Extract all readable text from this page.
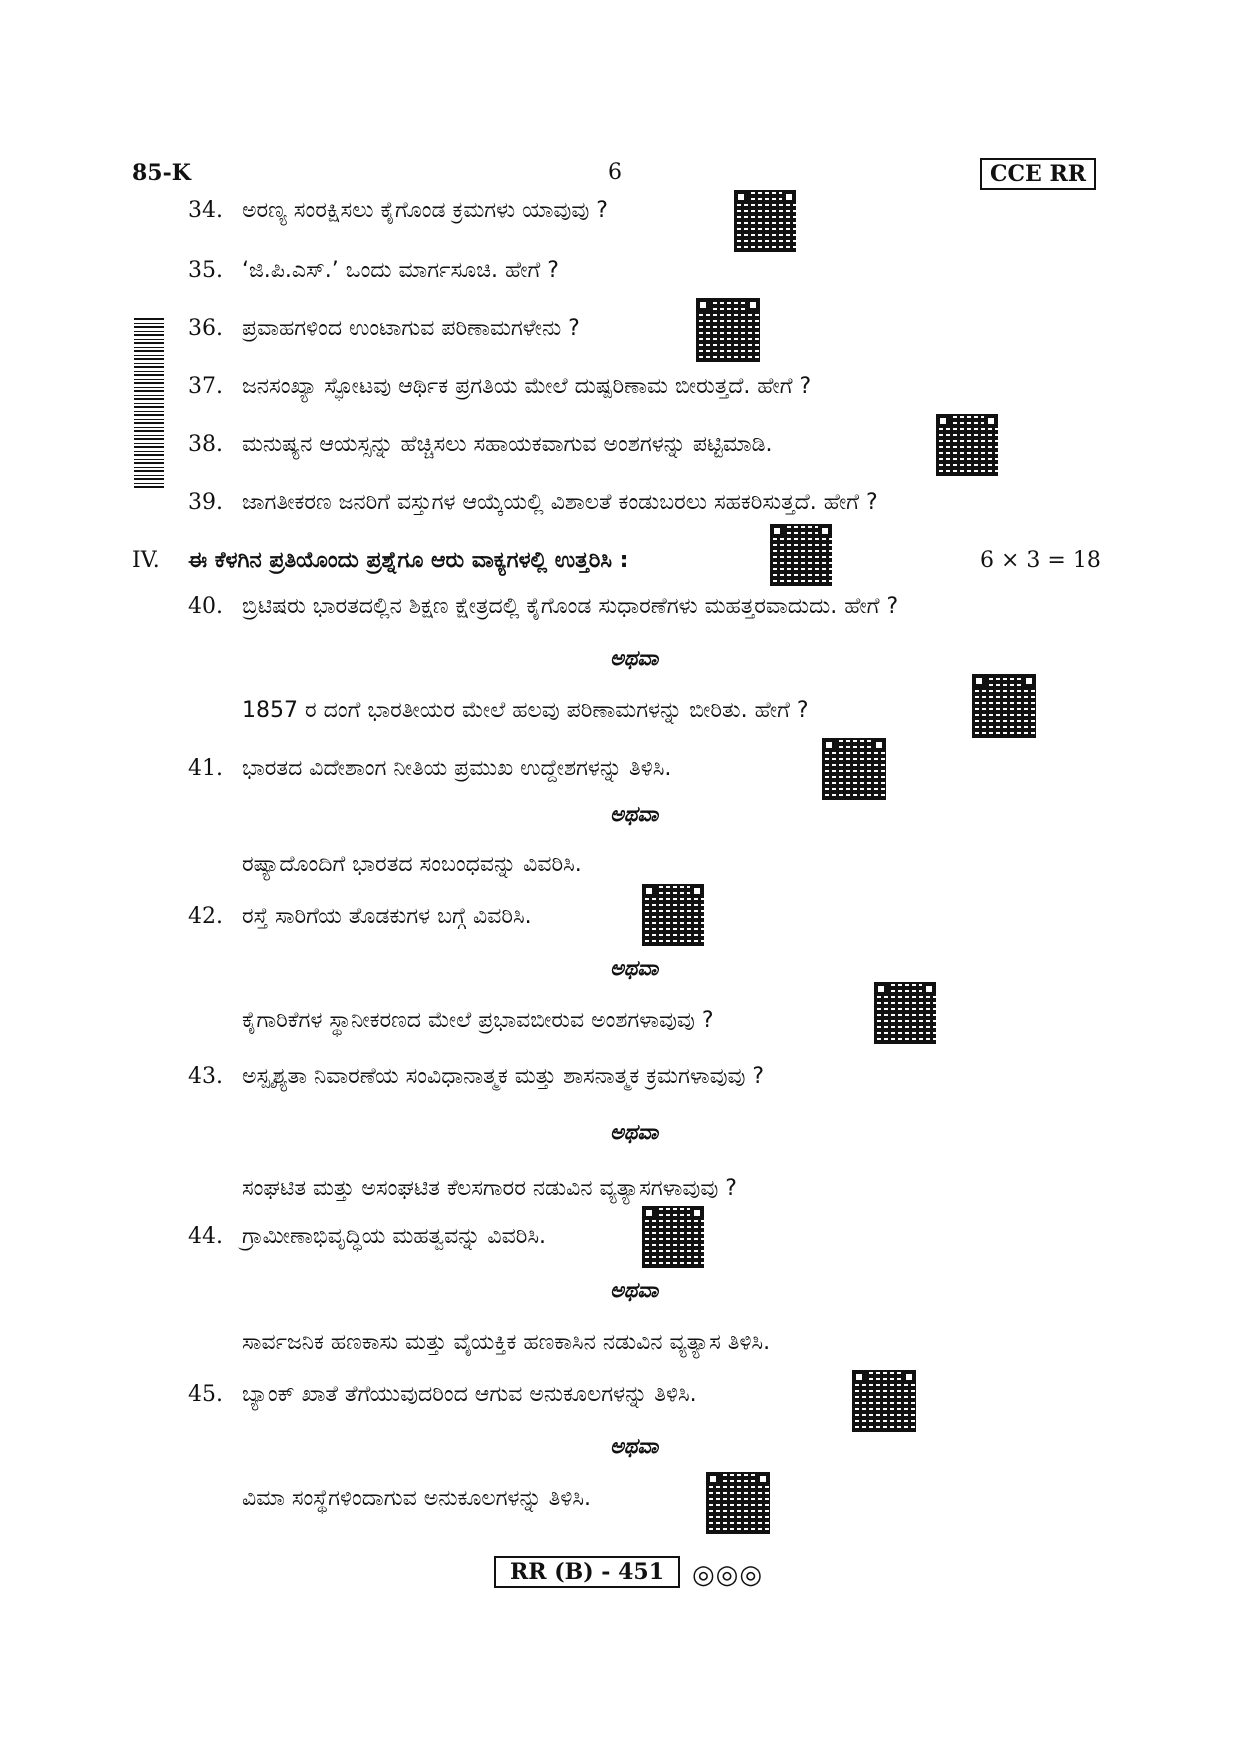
85-K	6	CCE RR
34. ಅರಣ್ಯ ಸಂರಕ್ಷಿಸಲು ಕೈಗೊಂಡ ಕ್ರಮಗಳು ಯಾವುವು ?
35. ‘ಜಿ.ಪಿ.ಎಸ್.’ ಒಂದು ಮಾರ್ಗಸೂಚಿ. ಹೇಗೆ ?
36. ಪ್ರವಾಹಗಳಿಂದ ಉಂಟಾಗುವ ಪರಿಣಾಮಗಳೇನು ?
37. ಜನಸಂಖ್ಯಾ ಸ್ಫೋಟವು ಆರ್ಥಿಕ ಪ್ರಗತಿಯ ಮೇಲೆ ದುಷ್ಪರಿಣಾಮ ಬೀರುತ್ತದೆ. ಹೇಗೆ ?
38. ಮನುಷ್ಯನ ಆಯಸ್ಸನ್ನು ಹೆಚ್ಚಿಸಲು ಸಹಾಯಕವಾಗುವ ಅಂಶಗಳನ್ನು ಪಟ್ಟಿಮಾಡಿ.
39. ಜಾಗತೀಕರಣ ಜನರಿಗೆ ವಸ್ತುಗಳ ಆಯ್ಕೆಯಲ್ಲಿ ವಿಶಾಲತೆ ಕಂಡುಬರಲು ಸಹಕರಿಸುತ್ತದೆ. ಹೇಗೆ ?
IV. ಈ ಕೆಳಗಿನ ಪ್ರತಿಯೊಂದು ಪ್ರಶ್ನೆಗೂ ಆರು ವಾಕ್ಯಗಳಲ್ಲಿ ಉತ್ತರಿಸಿ :	6 × 3 = 18
40. ಬ್ರಿಟಿಷರು ಭಾರತದಲ್ಲಿನ ಶಿಕ್ಷಣ ಕ್ಷೇತ್ರದಲ್ಲಿ ಕೈಗೊಂಡ ಸುಧಾರಣೆಗಳು ಮಹತ್ತರವಾದುದು. ಹೇಗೆ ?
ಅಥವಾ
1857 ರ ದಂಗೆ ಭಾರತೀಯರ ಮೇಲೆ ಹಲವು ಪರಿಣಾಮಗಳನ್ನು ಬೀರಿತು. ಹೇಗೆ ?
41. ಭಾರತದ ವಿದೇಶಾಂಗ ನೀತಿಯ ಪ್ರಮುಖ ಉದ್ದೇಶಗಳನ್ನು ತಿಳಿಸಿ.
ಅಥವಾ
ರಷ್ಯಾದೊಂದಿಗೆ ಭಾರತದ ಸಂಬಂಧವನ್ನು ವಿವರಿಸಿ.
42. ರಸ್ತೆ ಸಾರಿಗೆಯ ತೊಡಕುಗಳ ಬಗ್ಗೆ ವಿವರಿಸಿ.
ಅಥವಾ
ಕೈಗಾರಿಕೆಗಳ ಸ್ಥಾನೀಕರಣದ ಮೇಲೆ ಪ್ರಭಾವಬೀರುವ ಅಂಶಗಳಾವುವು ?
43. ಅಸ್ಪೃಶ್ಯತಾ ನಿವಾರಣೆಯ ಸಂವಿಧಾನಾತ್ಮಕ ಮತ್ತು ಶಾಸನಾತ್ಮಕ ಕ್ರಮಗಳಾವುವು ?
ಅಥವಾ
ಸಂಘಟಿತ ಮತ್ತು ಅಸಂಘಟಿತ ಕೆಲಸಗಾರರ ನಡುವಿನ ವ್ಯತ್ಯಾಸಗಳಾವುವು ?
44. ಗ್ರಾಮೀಣಾಭಿವೃದ್ಧಿಯ ಮಹತ್ವವನ್ನು ವಿವರಿಸಿ.
ಅಥವಾ
ಸಾರ್ವಜನಿಕ ಹಣಕಾಸು ಮತ್ತು ವೈಯಕ್ತಿಕ ಹಣಕಾಸಿನ ನಡುವಿನ ವ್ಯತ್ಯಾಸ ತಿಳಿಸಿ.
45. ಬ್ಯಾಂಕ್ ಖಾತೆ ತೆಗೆಯುವುದರಿಂದ ಆಗುವ ಅನುಕೂಲಗಳನ್ನು ತಿಳಿಸಿ.
ಅಥವಾ
ವಿಮಾ ಸಂಸ್ಥೆಗಳಿಂದಾಗುವ ಅನುಕೂಲಗಳನ್ನು ತಿಳಿಸಿ.
RR (B) - 451	◎◎◎
